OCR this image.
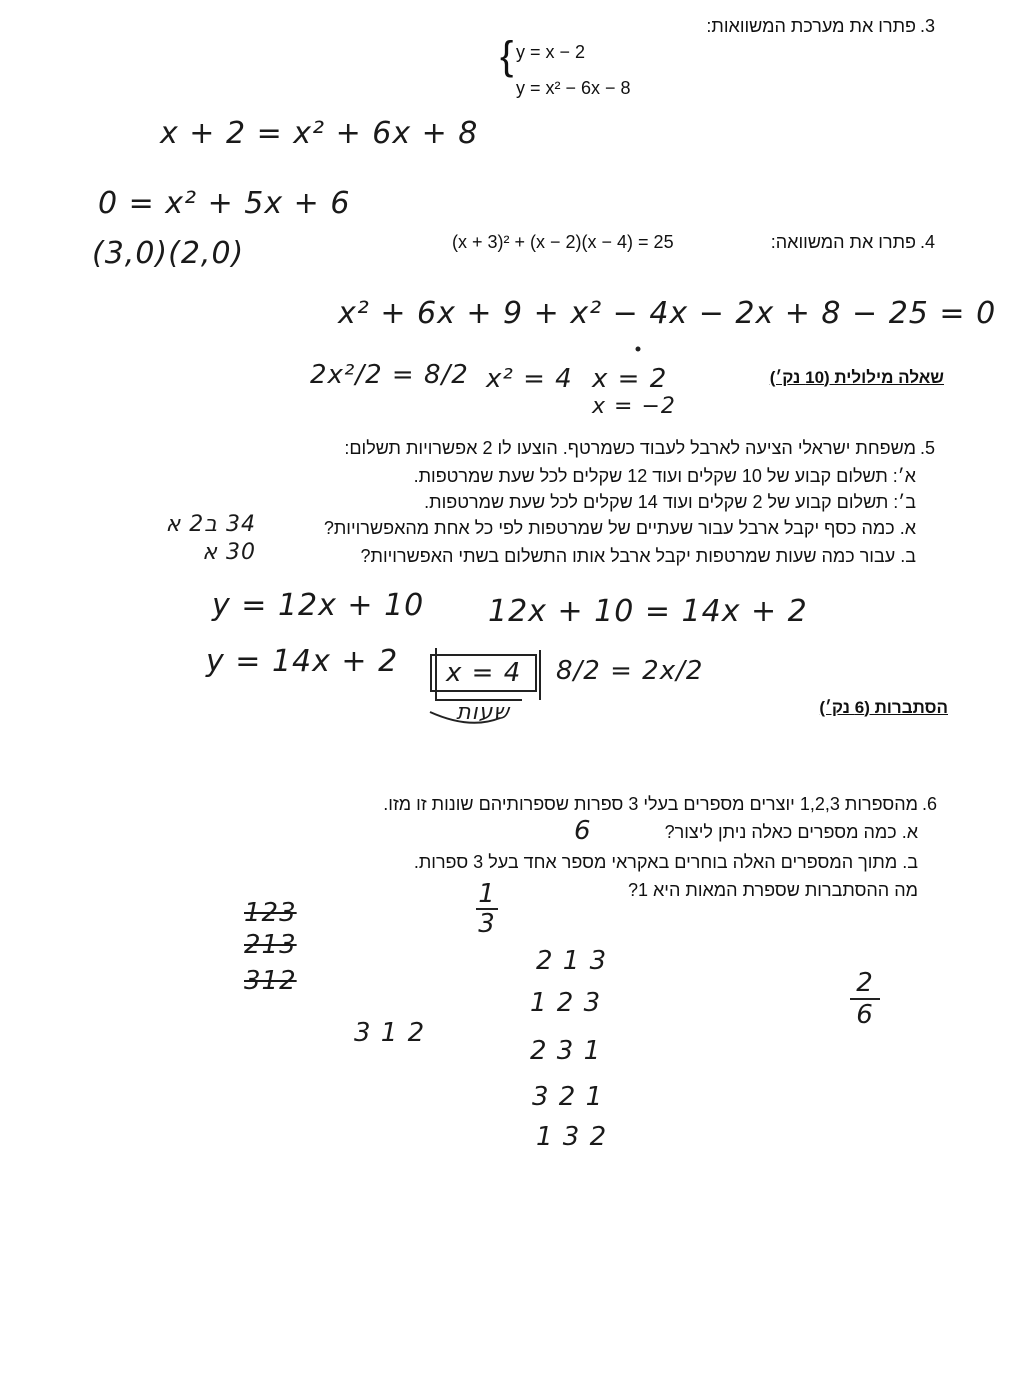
.3
פתרו את מערכת המשוואות:
{ y = x − 2
y = x² − 6x − 8
x + 2 = x² + 6x + 8
0 = x² + 5x + 6
(3,0)(2,0)	.4
פתרו את המשוואה:
(x + 3)² + (x − 2)(x − 4) = 25
x² + 6x + 9 + x² − 4x − 2x + 8 − 25 = 0
2x²/2 = 8/2 x² = 4 x = 2
x = −2
שאלה מילולית (10 נק׳)
.5
משפחת ישראלי הציעה לארבל לעבוד כשמרטף. הוצעו לו 2 אפשרויות תשלום:
א׳: תשלום קבוע של 10 שקלים ועוד 12 שקלים לכל שעת שמרטפות.
ב׳: תשלום קבוע של 2 שקלים ועוד 14 שקלים לכל שעת שמרטפות.
א. כמה כסף יקבל ארבל עבור שעתיים של שמרטפות לפי כל אחת מהאפשרויות?
ב. עבור כמה שעות שמרטפות יקבל ארבל אותו התשלום בשתי האפשרויות?
34 ב2 א
30 א
y = 12x + 10
y = 14x + 2
12x + 10 = 14x + 2
x = 4	8/2 = 2x/2
שעות	הסתברות (6 נק׳)
.6
מהספרות 1,2,3 יוצרים מספרים בעלי 3 ספרות שספרותיהם שונות זו מזו.
א. כמה מספרים כאלה ניתן ליצור?
6
ב. מתוך המספרים האלה בוחרים באקראי מספר אחד בעל 3 ספרות.
מה ההסתברות שספרת המאות היא 1?
$\frac{1}{3}$
123
213
312
3 1 2
2 1 3
1 2 3
2 3 1
3 2 1
1 3 2
$\frac{2}{6}$
